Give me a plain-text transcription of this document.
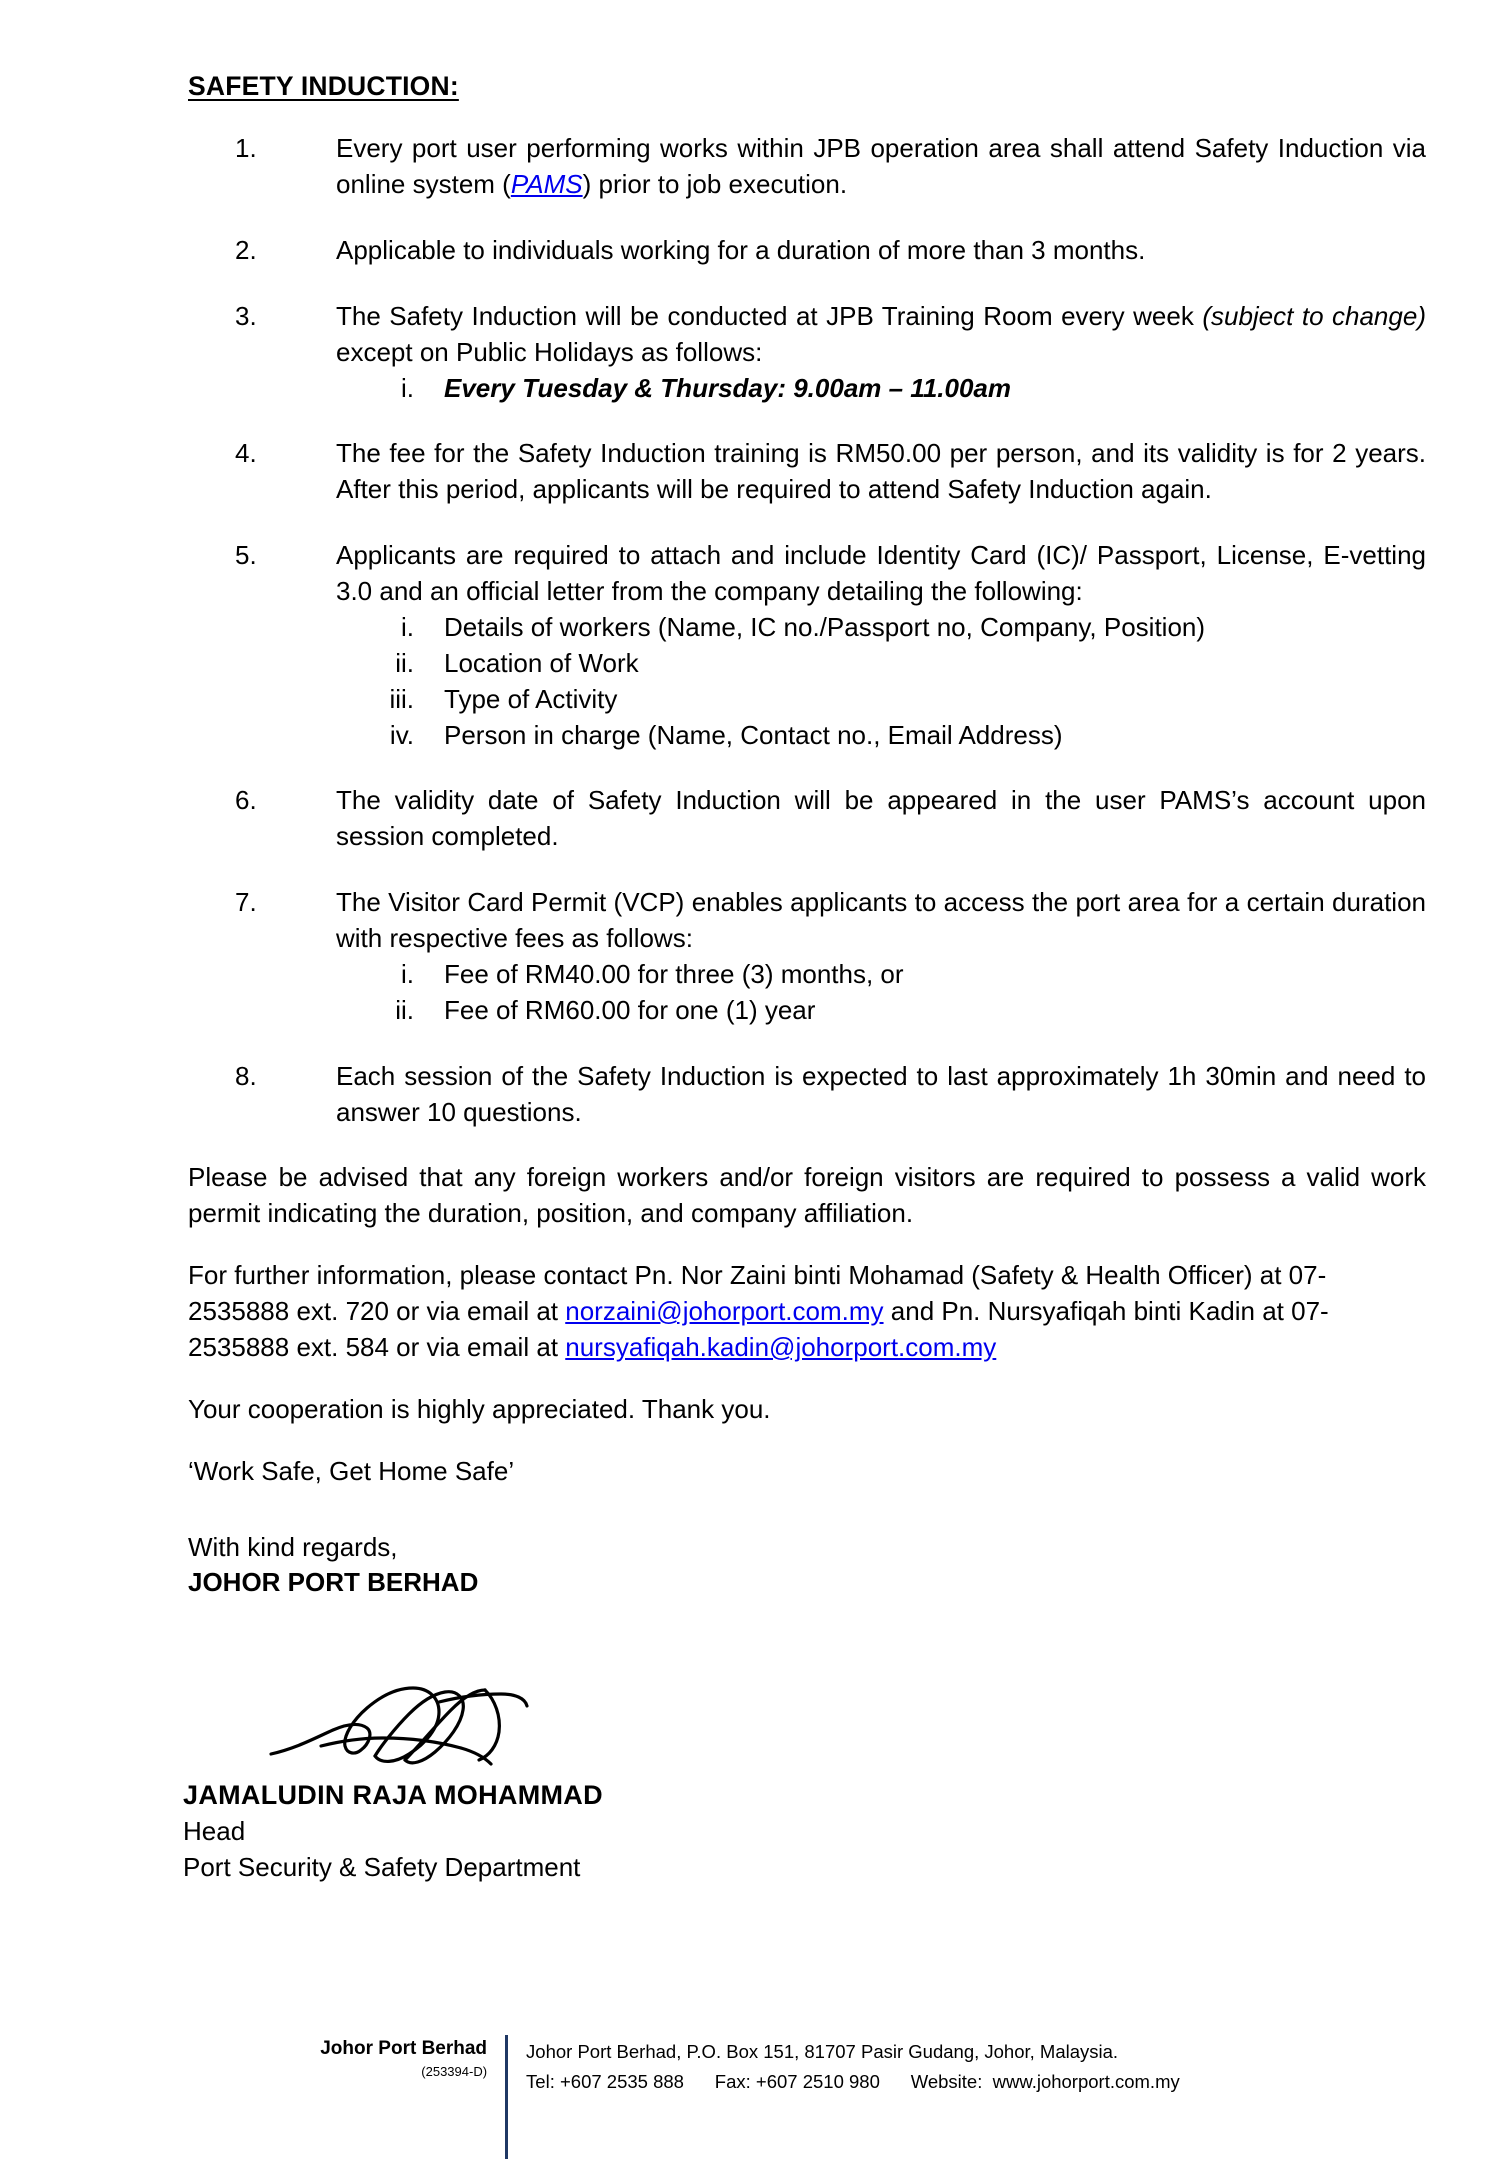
SAFETY INDUCTION:
1.	Every port user performing works within JPB operation area shall attend Safety Induction via online system (PAMS) prior to job execution.

2.	Applicable to individuals working for a duration of more than 3 months.

3.	The Safety Induction will be conducted at JPB Training Room every week (subject to change) except on Public Holidays as follows:

i. Every Tuesday & Thursday: 9.00am – 11.00am
4.	The fee for the Safety Induction training is RM50.00 per person, and its validity is for 2 years. After this period, applicants will be required to attend Safety Induction again.

5.	Applicants are required to attach and include Identity Card (IC)/ Passport, License, E-vetting 3.0 and an official letter from the company detailing the following:

i. Details of workers (Name, IC no./Passport no, Company, Position)
ii. Location of Work
iii. Type of Activity
iv. Person in charge (Name, Contact no., Email Address)
6.	The validity date of Safety Induction will be appeared in the user PAMS’s account upon session completed.

7.	The Visitor Card Permit (VCP) enables applicants to access the port area for a certain duration with respective fees as follows:

i. Fee of RM40.00 for three (3) months, or
ii. Fee of RM60.00 for one (1) year
8.	Each session of the Safety Induction is expected to last approximately 1h 30min and need to answer 10 questions.

Please be advised that any foreign workers and/or foreign visitors are required to possess a valid work permit indicating the duration, position, and company affiliation.

For further information, please contact Pn. Nor Zaini binti Mohamad (Safety & Health Officer) at 07-2535888 ext. 720 or via email at norzaini@johorport.com.my and Pn. Nursyafiqah binti Kadin at 07-2535888 ext. 584 or via email at nursyafiqah.kadin@johorport.com.my

Your cooperation is highly appreciated. Thank you.

‘Work Safe, Get Home Safe’

With kind regards,

JOHOR PORT BERHAD

JAMALUDIN RAJA MOHAMMAD

Head

Port Security & Safety Department

Johor Port Berhad

(253394-D)

Johor Port Berhad, P.O. Box 151, 81707 Pasir Gudang, Johor, Malaysia.

Tel: +607 2535 888      Fax: +607 2510 980      Website:  www.johorport.com.my
